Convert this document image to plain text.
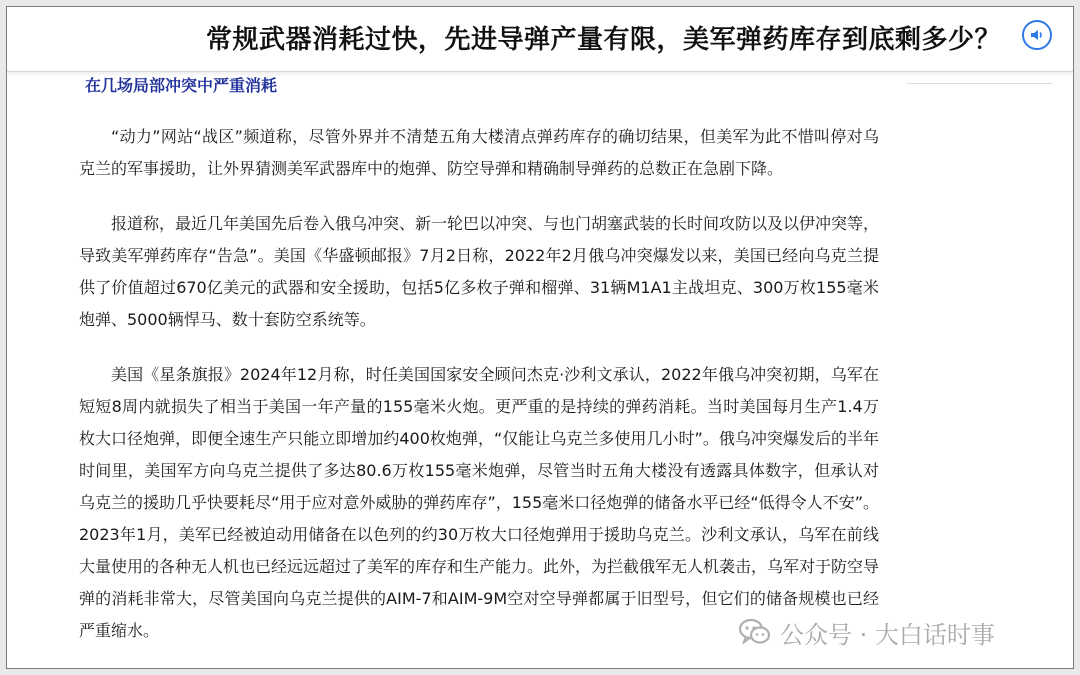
在几场局部冲突中严重消耗

“动力”网站“战区”频道称，尽管外界并不清楚五角大楼清点弹药库存的确切结果，但美军为此不惜叫停对乌克兰的军事援助，让外界猜测美军武器库中的炮弹、防空导弹和精确制导弹药的总数正在急剧下降。

报道称，最近几年美国先后卷入俄乌冲突、新一轮巴以冲突、与也门胡塞武装的长时间攻防以及以伊冲突等，导致美军弹药库存“告急”。美国《华盛顿邮报》7月2日称，2022年2月俄乌冲突爆发以来，美国已经向乌克兰提供了价值超过670亿美元的武器和安全援助，包括5亿多枚子弹和榴弹、31辆M1A1主战坦克、300万枚155毫米炮弹、5000辆悍马、数十套防空系统等。

美国《星条旗报》2024年12月称，时任美国国家安全顾问杰克·沙利文承认，2022年俄乌冲突初期，乌军在短短8周内就损失了相当于美国一年产量的155毫米火炮。更严重的是持续的弹药消耗。当时美国每月生产1.4万枚大口径炮弹，即便全速生产只能立即增加约400枚炮弹，“仅能让乌克兰多使用几小时”。俄乌冲突爆发后的半年时间里，美国军方向乌克兰提供了多达80.6万枚155毫米炮弹，尽管当时五角大楼没有透露具体数字，但承认对乌克兰的援助几乎快要耗尽“用于应对意外威胁的弹药库存”，155毫米口径炮弹的储备水平已经“低得令人不安”。2023年1月，美军已经被迫动用储备在以色列的约30万枚大口径炮弹用于援助乌克兰。沙利文承认，乌军在前线大量使用的各种无人机也已经远远超过了美军的库存和生产能力。此外，为拦截俄军无人机袭击，乌军对于防空导弹的消耗非常大，尽管美国向乌克兰提供的AIM-7和AIM-9M空对空导弹都属于旧型号，但它们的储备规模也已经严重缩水。

常规武器消耗过快，先进导弹产量有限，美军弹药库存到底剩多少？
公众号 · 大白话时事
